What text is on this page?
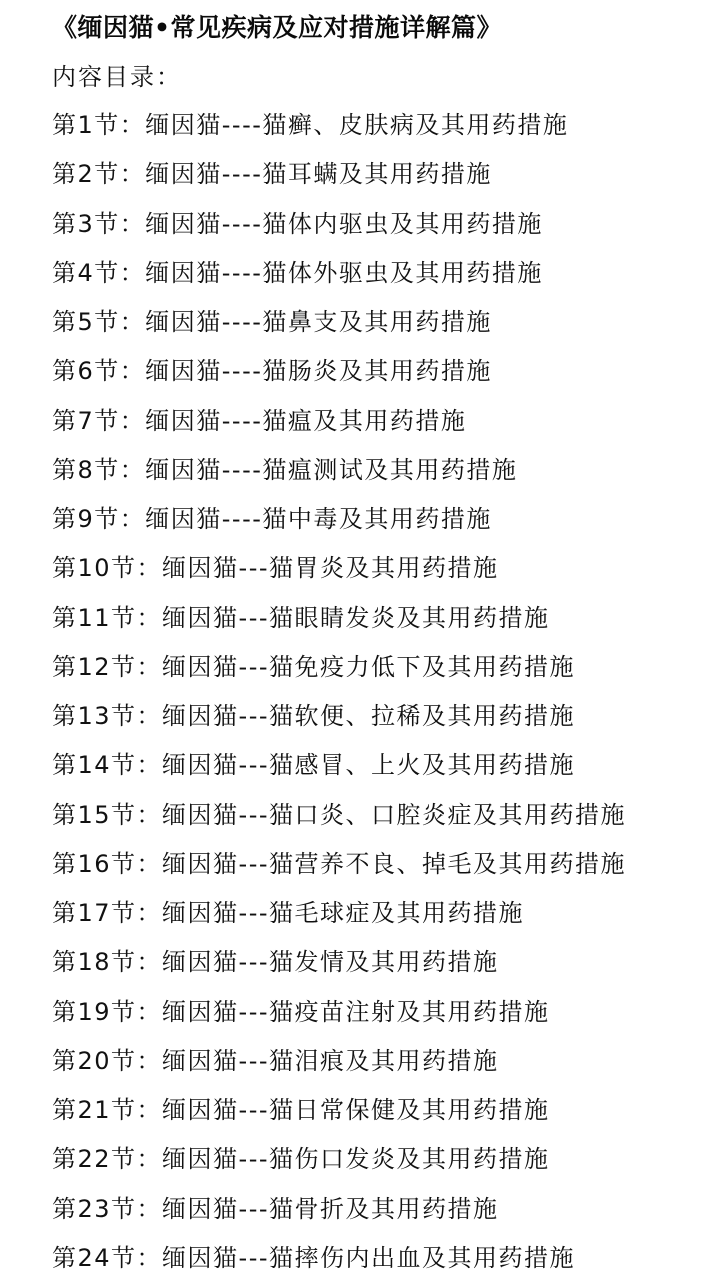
《缅因猫•常见疾病及应对措施详解篇》
内容目录：
第1节：缅因猫----猫癣、皮肤病及其用药措施
第2节：缅因猫----猫耳螨及其用药措施
第3节：缅因猫----猫体内驱虫及其用药措施
第4节：缅因猫----猫体外驱虫及其用药措施
第5节：缅因猫----猫鼻支及其用药措施
第6节：缅因猫----猫肠炎及其用药措施
第7节：缅因猫----猫瘟及其用药措施
第8节：缅因猫----猫瘟测试及其用药措施
第9节：缅因猫----猫中毒及其用药措施
第10节：缅因猫---猫胃炎及其用药措施
第11节：缅因猫---猫眼睛发炎及其用药措施
第12节：缅因猫---猫免疫力低下及其用药措施
第13节：缅因猫---猫软便、拉稀及其用药措施
第14节：缅因猫---猫感冒、上火及其用药措施
第15节：缅因猫---猫口炎、口腔炎症及其用药措施
第16节：缅因猫---猫营养不良、掉毛及其用药措施
第17节：缅因猫---猫毛球症及其用药措施
第18节：缅因猫---猫发情及其用药措施
第19节：缅因猫---猫疫苗注射及其用药措施
第20节：缅因猫---猫泪痕及其用药措施
第21节：缅因猫---猫日常保健及其用药措施
第22节：缅因猫---猫伤口发炎及其用药措施
第23节：缅因猫---猫骨折及其用药措施
第24节：缅因猫---猫摔伤内出血及其用药措施
